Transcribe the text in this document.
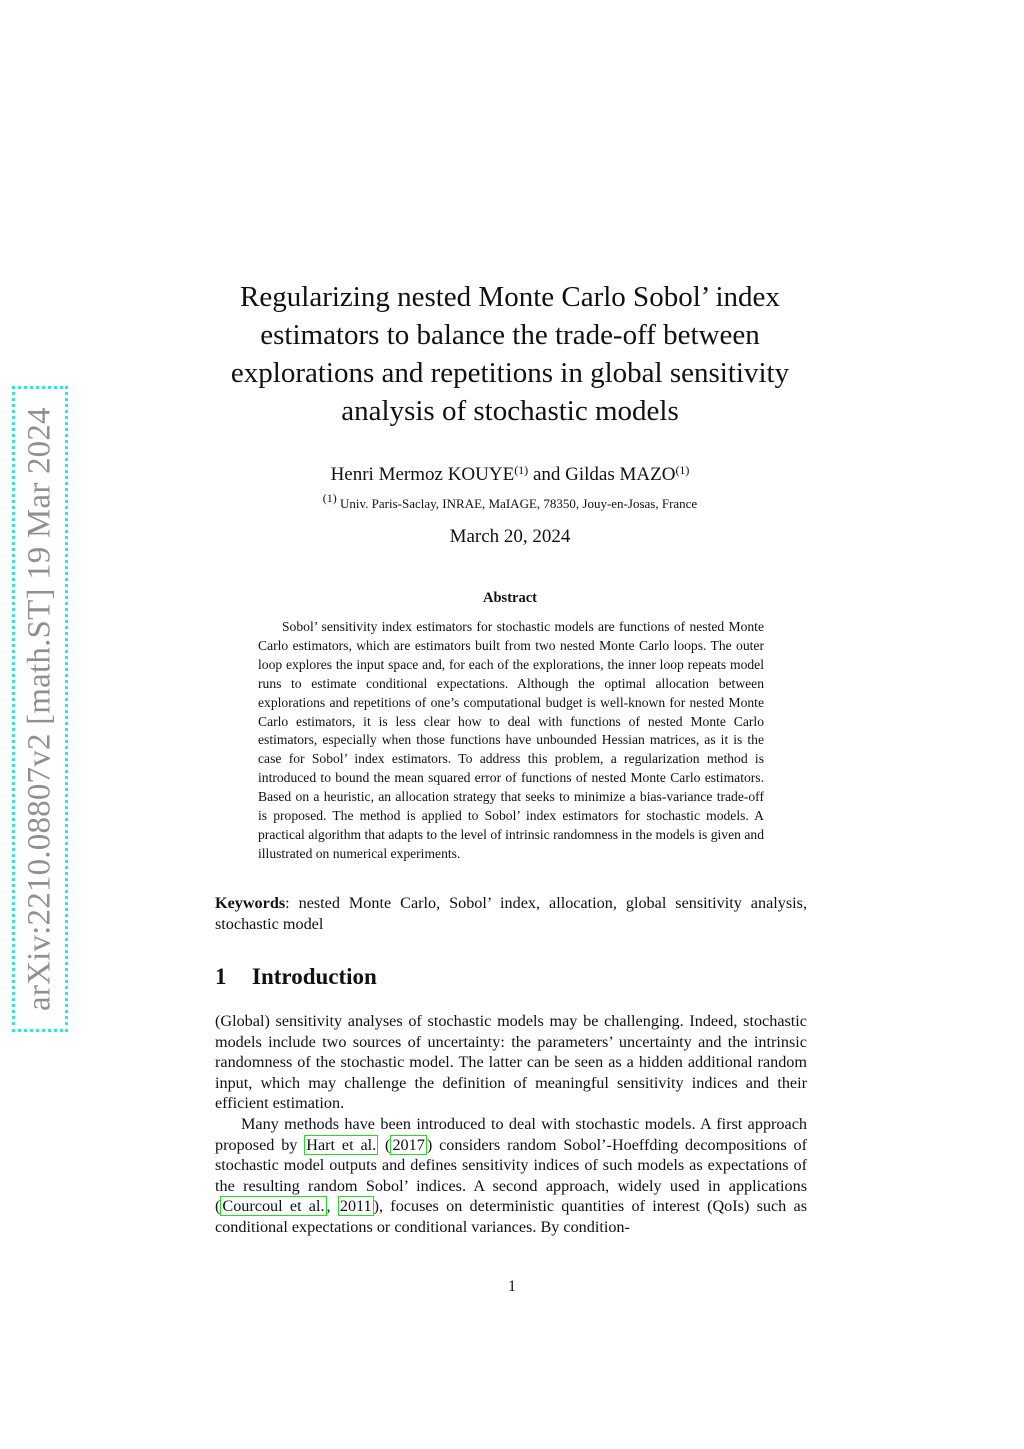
arXiv:2210.08807v2 [math.ST] 19 Mar 2024
Regularizing nested Monte Carlo Sobol’ index estimators to balance the trade-off between explorations and repetitions in global sensitivity analysis of stochastic models
Henri Mermoz KOUYE$^{(1)}$ and Gildas MAZO$^{(1)}$
$^{(1)}$ Univ. Paris-Saclay, INRAE, MaIAGE, 78350, Jouy-en-Josas, France
March 20, 2024
Abstract

Sobol’ sensitivity index estimators for stochastic models are functions of nested Monte Carlo estimators, which are estimators built from two nested Monte Carlo loops. The outer loop explores the input space and, for each of the explorations, the inner loop repeats model runs to estimate conditional expectations. Although the optimal allocation between explorations and repetitions of one’s computational budget is well-known for nested Monte Carlo estimators, it is less clear how to deal with functions of nested Monte Carlo estimators, especially when those functions have unbounded Hessian matrices, as it is the case for Sobol’ index estimators. To address this problem, a regularization method is introduced to bound the mean squared error of functions of nested Monte Carlo estimators. Based on a heuristic, an allocation strategy that seeks to minimize a bias-variance trade-off is proposed. The method is applied to Sobol’ index estimators for stochastic models. A practical algorithm that adapts to the level of intrinsic randomness in the models is given and illustrated on numerical experiments.

Keywords: nested Monte Carlo, Sobol’ index, allocation, global sensitivity analysis, stochastic model

1 Introduction

(Global) sensitivity analyses of stochastic models may be challenging. Indeed, stochastic models include two sources of uncertainty: the parameters’ uncertainty and the intrinsic randomness of the stochastic model. The latter can be seen as a hidden additional random input, which may challenge the definition of meaningful sensitivity indices and their efficient estimation.

Many methods have been introduced to deal with stochastic models. A first approach proposed by Hart et al. ( 2017 ) considers random Sobol’-Hoeffding decompositions of stochastic model outputs and defines sensitivity indices of such models as expectations of the resulting random Sobol’ indices. A second approach, widely used in applications ( Courcoul et al. , 2011 ), focuses on deterministic quantities of interest (QoIs) such as conditional expectations or conditional variances. By condition-

1
